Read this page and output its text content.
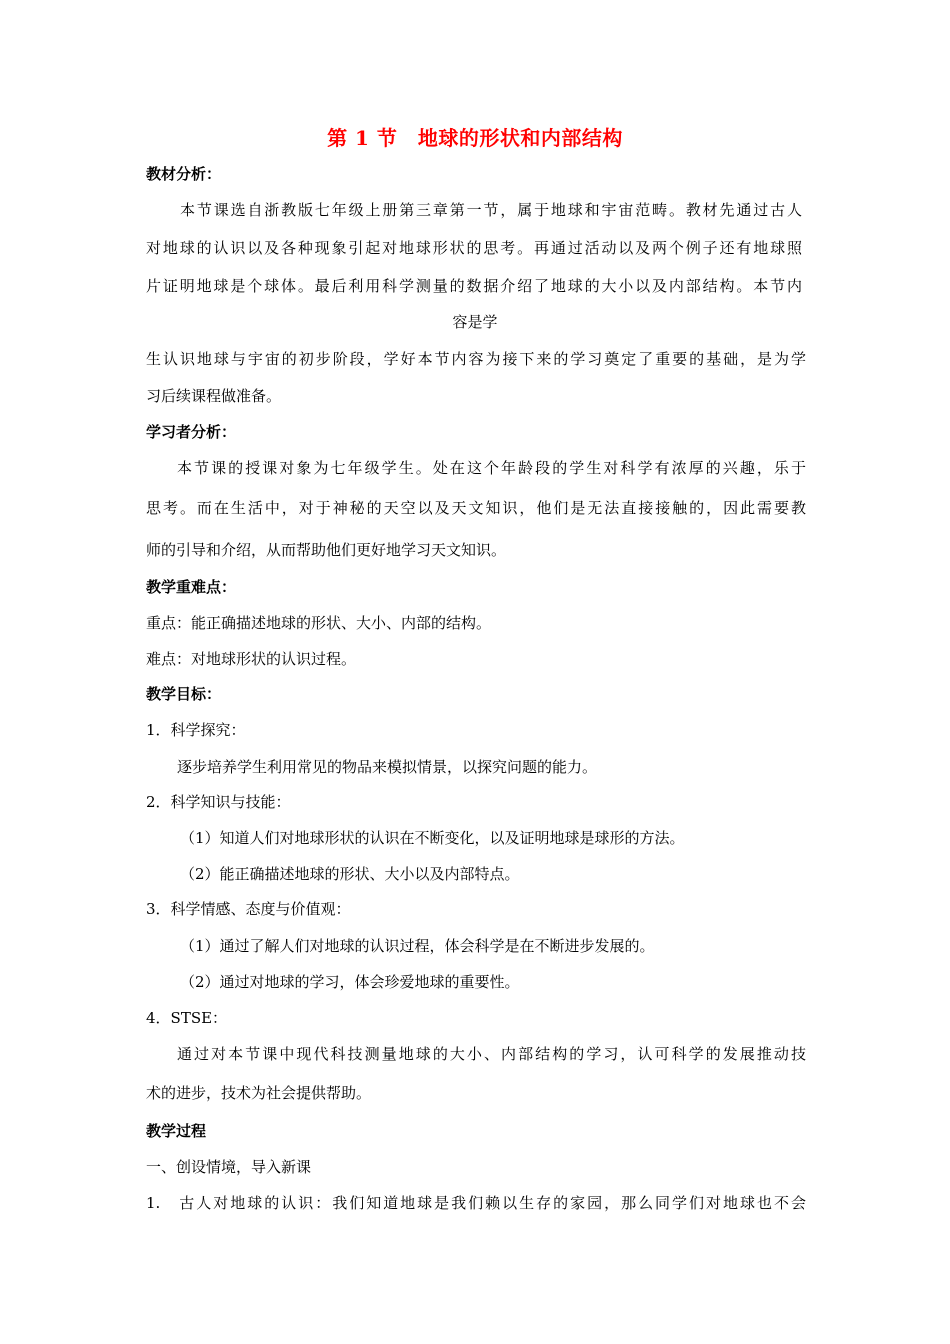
第 1 节　地球的形状和内部结构
教材分析：
本节课选自浙教版七年级上册第三章第一节，属于地球和宇宙范畴。教材先通过古人
对地球的认识以及各种现象引起对地球形状的思考。再通过活动以及两个例子还有地球照
片证明地球是个球体。最后利用科学测量的数据介绍了地球的大小以及内部结构。本节内
容是学
生认识地球与宇宙的初步阶段，学好本节内容为接下来的学习奠定了重要的基础，是为学
习后续课程做准备。
学习者分析：
本节课的授课对象为七年级学生。处在这个年龄段的学生对科学有浓厚的兴趣，乐于
思考。而在生活中，对于神秘的天空以及天文知识，他们是无法直接接触的，因此需要教
师的引导和介绍，从而帮助他们更好地学习天文知识。
教学重难点：
重点：能正确描述地球的形状、大小、内部的结构。
难点：对地球形状的认识过程。
教学目标：
1．科学探究：
逐步培养学生利用常见的物品来模拟情景，以探究问题的能力。
2．科学知识与技能：
（1）知道人们对地球形状的认识在不断变化，以及证明地球是球形的方法。
（2）能正确描述地球的形状、大小以及内部特点。
3．科学情感、态度与价值观：
（1）通过了解人们对地球的认识过程，体会科学是在不断进步发展的。
（2）通过对地球的学习，体会珍爱地球的重要性。
4．STSE：
通过对本节课中现代科技测量地球的大小、内部结构的学习，认可科学的发展推动技
术的进步，技术为社会提供帮助。
教学过程
一、创设情境，导入新课
1.　古人对地球的认识：我们知道地球是我们赖以生存的家园，那么同学们对地球也不会
